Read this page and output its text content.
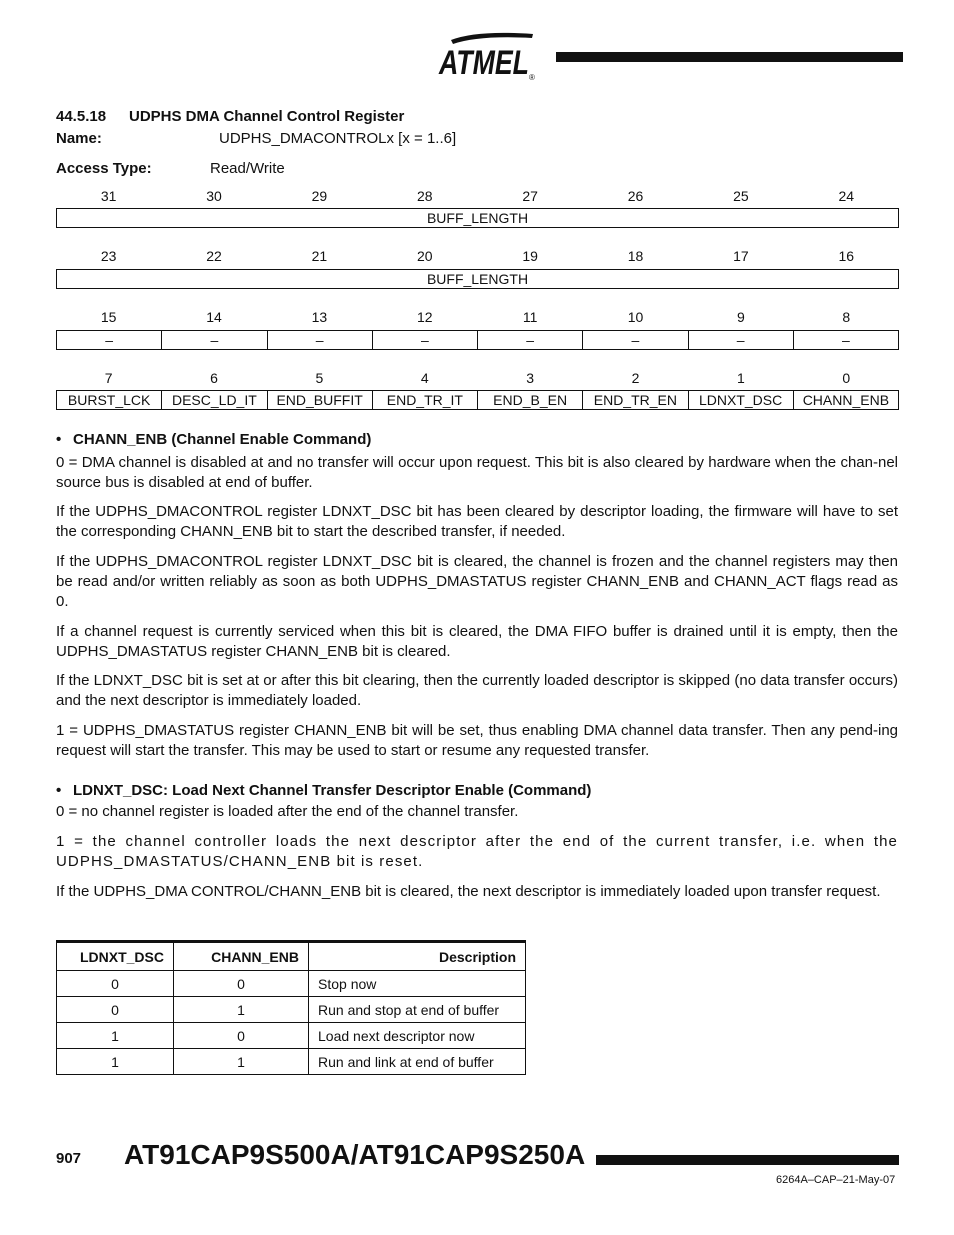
ATMEL ®
44.5.18 UDPHS DMA Channel Control Register
Name:	UDPHS_DMACONTROLx [x = 1..6]
Access Type:	Read/Write
31	30	29	28	27	26	25	24
BUFF_LENGTH
23	22	21	20	19	18	17	16
BUFF_LENGTH
15	14	13	12	11	10	9	8
–	–	–	–	–	–	–	–
7	6	5	4	3	2	1	0
BURST_LCK	DESC_LD_IT	END_BUFFIT	END_TR_IT	END_B_EN	END_TR_EN	LDNXT_DSC	CHANN_ENB
• CHANN_ENB (Channel Enable Command)
0 = DMA channel is disabled at and no transfer will occur upon request. This bit is also cleared by hardware when the chan-nel source bus is disabled at end of buffer.
If the UDPHS_DMACONTROL register LDNXT_DSC bit has been cleared by descriptor loading, the firmware will have to set the corresponding CHANN_ENB bit to start the described transfer, if needed.
If the UDPHS_DMACONTROL register LDNXT_DSC bit is cleared, the channel is frozen and the channel registers may then be read and/or written reliably as soon as both UDPHS_DMASTATUS register CHANN_ENB and CHANN_ACT flags read as 0.
If a channel request is currently serviced when this bit is cleared, the DMA FIFO buffer is drained until it is empty, then the UDPHS_DMASTATUS register CHANN_ENB bit is cleared.
If the LDNXT_DSC bit is set at or after this bit clearing, then the currently loaded descriptor is skipped (no data transfer occurs) and the next descriptor is immediately loaded.
1 = UDPHS_DMASTATUS register CHANN_ENB bit will be set, thus enabling DMA channel data transfer. Then any pend-ing request will start the transfer. This may be used to start or resume any requested transfer.
• LDNXT_DSC: Load Next Channel Transfer Descriptor Enable (Command)
0 = no channel register is loaded after the end of the channel transfer.
1 = the channel controller loads the next descriptor after the end of the current transfer, i.e. when the UDPHS_DMASTATUS/CHANN_ENB bit is reset.
If the UDPHS_DMA CONTROL/CHANN_ENB bit is cleared, the next descriptor is immediately loaded upon transfer request.
LDNXT_DSC	CHANN_ENB	Description
0	0	Stop now
0	1	Run and stop at end of buffer
1	0	Load next descriptor now
1	1	Run and link at end of buffer
907 AT91CAP9S500A/AT91CAP9S250A
6264A–CAP–21-May-07
